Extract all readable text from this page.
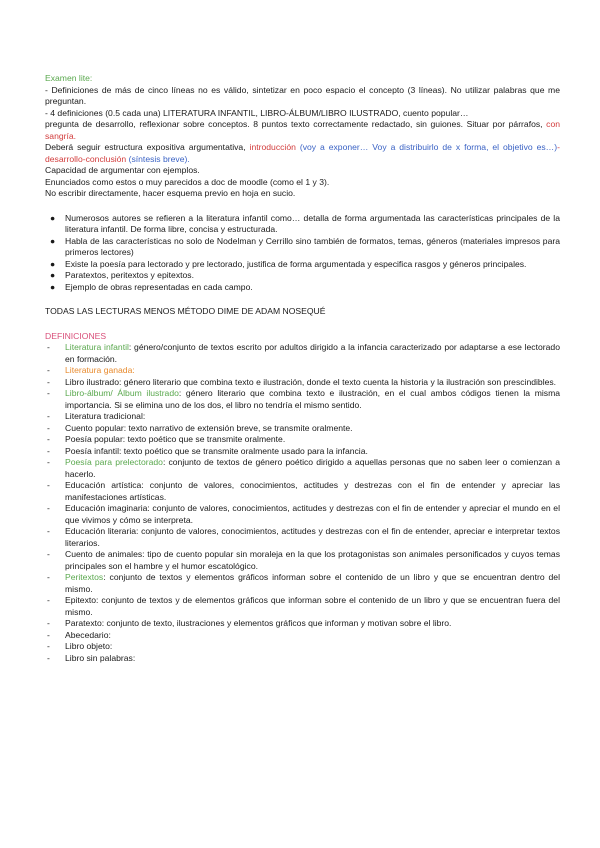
Examen lite:
- Definiciones de más de cinco líneas no es válido, sintetizar en poco espacio el concepto (3 líneas). No utilizar palabras que me preguntan.
- 4 definiciones (0.5 cada una) LITERATURA INFANTIL, LIBRO-ÁLBUM/LIBRO ILUSTRADO, cuento popular…
pregunta de desarrollo, reflexionar sobre conceptos. 8 puntos texto correctamente redactado, sin guiones. Situar por párrafos, con sangría.
Deberá seguir estructura expositiva argumentativa, introducción (voy a exponer… Voy a distribuirlo de x forma, el objetivo es…)-desarrollo-conclusión (síntesis breve).
Capacidad de argumentar con ejemplos.
Enunciados como estos o muy parecidos a doc de moodle (como el 1 y 3).
No escribir directamente, hacer esquema previo en hoja en sucio.
● Numerosos autores se refieren a la literatura infantil como… detalla de forma argumentada las características principales de la literatura infantil. De forma libre, concisa y estructurada.
● Habla de las características no solo de Nodelman y Cerrillo sino también de formatos, temas, géneros (materiales impresos para primeros lectores)
● Existe la poesía para lectorado y pre lectorado, justifica de forma argumentada y especifica rasgos y géneros principales.
● Paratextos, peritextos y epitextos.
● Ejemplo de obras representadas en cada campo.
TODAS LAS LECTURAS MENOS MÉTODO DIME DE ADAM NOSEQUÉ
DEFINICIONES
- Literatura infantil: género/conjunto de textos escrito por adultos dirigido a la infancia caracterizado por adaptarse a ese lectorado en formación.
- Literatura ganada:
- Libro ilustrado: género literario que combina texto e ilustración, donde el texto cuenta la historia y la ilustración son prescindibles.
- Libro-álbum/ Álbum ilustrado: género literario que combina texto e ilustración, en el cual ambos códigos tienen la misma importancia. Si se elimina uno de los dos, el libro no tendría el mismo sentido.
- Literatura tradicional:
- Cuento popular: texto narrativo de extensión breve, se transmite oralmente.
- Poesía popular: texto poético que se transmite oralmente.
- Poesía infantil: texto poético que se transmite oralmente usado para la infancia.
- Poesía para prelectorado: conjunto de textos de género poético dirigido a aquellas personas que no saben leer o comienzan a hacerlo.
- Educación artística: conjunto de valores, conocimientos, actitudes y destrezas con el fin de entender y apreciar las manifestaciones artísticas.
- Educación imaginaria: conjunto de valores, conocimientos, actitudes y destrezas con el fin de entender y apreciar el mundo en el que vivimos y cómo se interpreta.
- Educación literaria: conjunto de valores, conocimientos, actitudes y destrezas con el fin de entender, apreciar e interpretar textos literarios.
- Cuento de animales: tipo de cuento popular sin moraleja en la que los protagonistas son animales personificados y cuyos temas principales son el hambre y el humor escatológico.
- Peritextos: conjunto de textos y elementos gráficos informan sobre el contenido de un libro y que se encuentran dentro del mismo.
- Epitexto: conjunto de textos y de elementos gráficos que informan sobre el contenido de un libro y que se encuentran fuera del mismo.
- Paratexto: conjunto de texto, ilustraciones y elementos gráficos que informan y motivan sobre el libro.
- Abecedario:
- Libro objeto:
- Libro sin palabras:
